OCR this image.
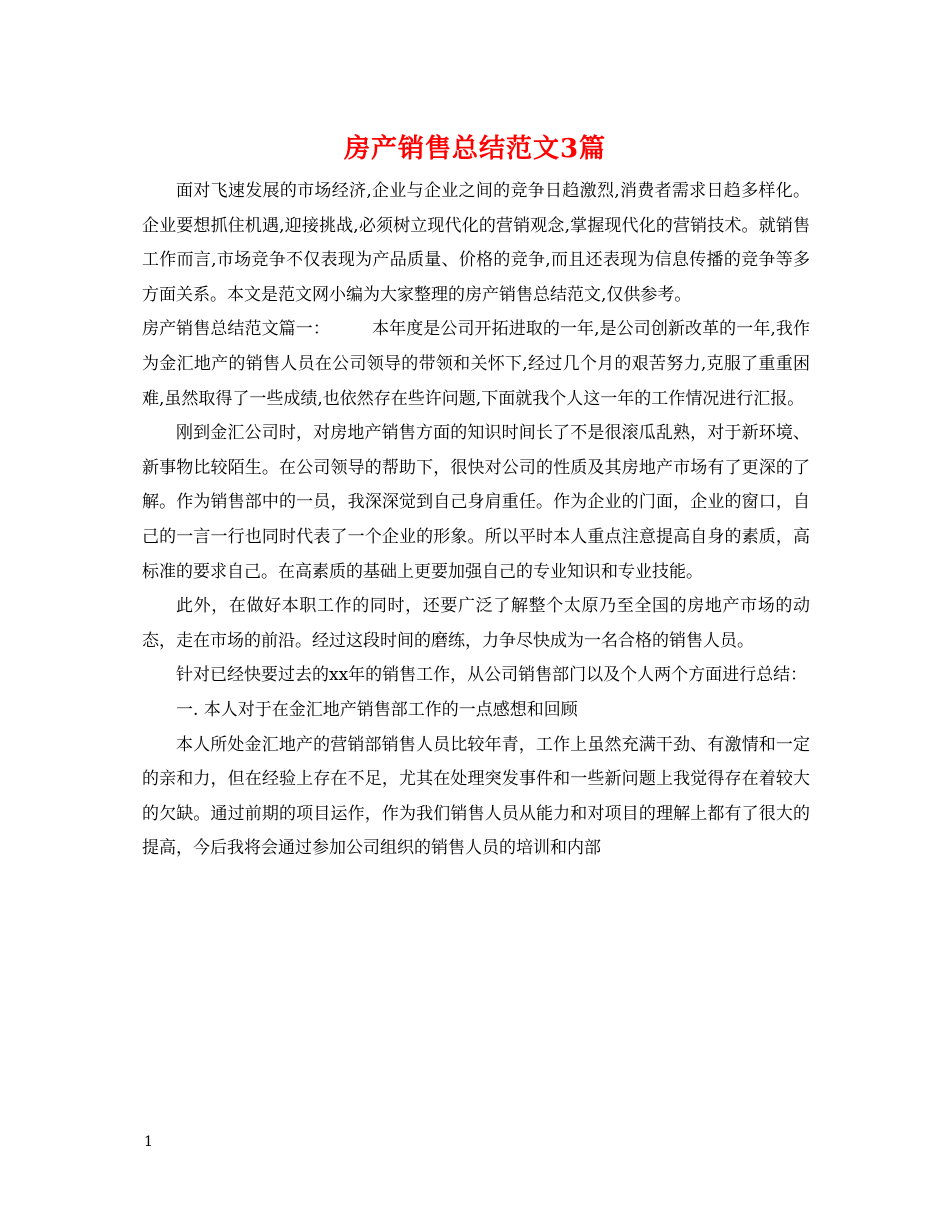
房产销售总结范文3篇

面对飞速发展的市场经济,企业与企业之间的竞争日趋激烈,消费者需求日趋多样化。企业要想抓住机遇,迎接挑战,必须树立现代化的营销观念,掌握现代化的营销技术。就销售工作而言,市场竞争不仅表现为产品质量、价格的竞争,而且还表现为信息传播的竞争等多方面关系。本文是范文网小编为大家整理的房产销售总结范文,仅供参考。

房产销售总结范文篇一： 本年度是公司开拓进取的一年,是公司创新改革的一年,我作为金汇地产的销售人员在公司领导的带领和关怀下,经过几个月的艰苦努力,克服了重重困难,虽然取得了一些成绩,也依然存在些许问题,下面就我个人这一年的工作情况进行汇报。

刚到金汇公司时，对房地产销售方面的知识时间长了不是很滚瓜乱熟，对于新环境、新事物比较陌生。在公司领导的帮助下，很快对公司的性质及其房地产市场有了更深的了解。作为销售部中的一员，我深深觉到自己身肩重任。作为企业的门面，企业的窗口，自己的一言一行也同时代表了一个企业的形象。所以平时本人重点注意提高自身的素质，高标准的要求自己。在高素质的基础上更要加强自己的专业知识和专业技能。

此外，在做好本职工作的同时，还要广泛了解整个太原乃至全国的房地产市场的动态，走在市场的前沿。经过这段时间的磨练，力争尽快成为一名合格的销售人员。

针对已经快要过去的xx年的销售工作，从公司销售部门以及个人两个方面进行总结：

一. 本人对于在金汇地产销售部工作的一点感想和回顾

本人所处金汇地产的营销部销售人员比较年青，工作上虽然充满干劲、有激情和一定的亲和力，但在经验上存在不足，尤其在处理突发事件和一些新问题上我觉得存在着较大的欠缺。通过前期的项目运作，作为我们销售人员从能力和对项目的理解上都有了很大的提高，今后我将会通过参加公司组织的销售人员的培训和内部

1
